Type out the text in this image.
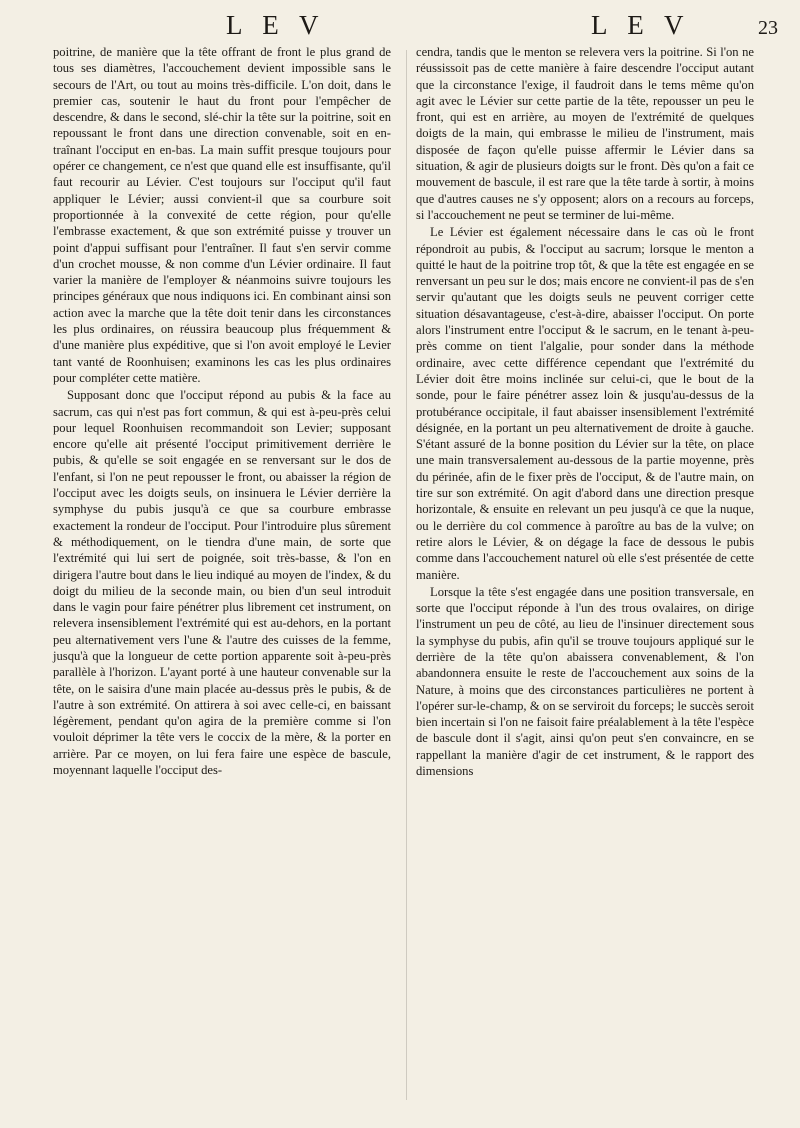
L E V	L E V	23

poitrine, de manière que la tête offrant de front le plus grand de tous ses diamètres, l'accouchement devient impossible sans le secours de l'Art, ou tout au moins très-difficile. L'on doit, dans le premier cas, soutenir le haut du front pour l'empêcher de descendre, & dans le second, slé-chir la tête sur la poitrine, soit en repoussant le front dans une direction convenable, soit en en-traînant l'occiput en en-bas. La main suffit presque toujours pour opérer ce changement, ce n'est que quand elle est insuffisante, qu'il faut recourir au Lévier. C'est toujours sur l'occiput qu'il faut appliquer le Lévier; aussi convient-il que sa courbure soit proportionnée à la convexité de cette région, pour qu'elle l'embrasse exactement, & que son extrémité puisse y trouver un point d'appui suffisant pour l'entraîner. Il faut s'en servir comme d'un crochet mousse, & non comme d'un Lévier ordinaire. Il faut varier la manière de l'employer & néanmoins suivre toujours les principes généraux que nous indiquons ici. En combinant ainsi son action avec la marche que la tête doit tenir dans les circonstances les plus ordinaires, on réussira beaucoup plus fréquemment & d'une manière plus expéditive, que si l'on avoit employé le Levier tant vanté de Roonhuisen; examinons les cas les plus ordinaires pour compléter cette matière.

Supposant donc que l'occiput répond au pubis & la face au sacrum, cas qui n'est pas fort commun, & qui est à-peu-près celui pour lequel Roonhuisen recommandoit son Levier; supposant encore qu'elle ait présenté l'occiput primitivement derrière le pubis, & qu'elle se soit engagée en se renversant sur le dos de l'enfant, si l'on ne peut repousser le front, ou abaisser la région de l'occiput avec les doigts seuls, on insinuera le Lévier derrière la symphyse du pubis jusqu'à ce que sa courbure embrasse exactement la rondeur de l'occiput. Pour l'introduire plus sûrement & méthodiquement, on le tiendra d'une main, de sorte que l'extrémité qui lui sert de poignée, soit très-basse, & l'on en dirigera l'autre bout dans le lieu indiqué au moyen de l'index, & du doigt du milieu de la seconde main, ou bien d'un seul introduit dans le vagin pour faire pénétrer plus librement cet instrument, on relevera insensiblement l'extrémité qui est au-dehors, en la portant peu alternativement vers l'une & l'autre des cuisses de la femme, jusqu'à que la longueur de cette portion apparente soit à-peu-près parallèle à l'horizon. L'ayant porté à une hauteur convenable sur la tête, on le saisira d'une main placée au-dessus près le pubis, & de l'autre à son extrémité. On attirera à soi avec celle-ci, en baissant légèrement, pendant qu'on agira de la première comme si l'on vouloit déprimer la tête vers le coccix de la mère, & la porter en arrière. Par ce moyen, on lui fera faire une espèce de bascule, moyennant laquelle l'occiput des-

cendra, tandis que le menton se relevera vers la poitrine. Si l'on ne réussissoit pas de cette manière à faire descendre l'occiput autant que la circonstance l'exige, il faudroit dans le tems même qu'on agit avec le Lévier sur cette partie de la tête, repousser un peu le front, qui est en arrière, au moyen de l'extrémité de quelques doigts de la main, qui embrasse le milieu de l'instrument, mais disposée de façon qu'elle puisse affermir le Lévier dans sa situation, & agir de plusieurs doigts sur le front. Dès qu'on a fait ce mouvement de bascule, il est rare que la tête tarde à sortir, à moins que d'autres causes ne s'y opposent; alors on a recours au forceps, si l'accouchement ne peut se terminer de lui-même.

Le Lévier est également nécessaire dans le cas où le front répondroit au pubis, & l'occiput au sacrum; lorsque le menton a quitté le haut de la poitrine trop tôt, & que la tête est engagée en se renversant un peu sur le dos; mais encore ne convient-il pas de s'en servir qu'autant que les doigts seuls ne peuvent corriger cette situation désavantageuse, c'est-à-dire, abaisser l'occiput. On porte alors l'instrument entre l'occiput & le sacrum, en le tenant à-peu-près comme on tient l'algalie, pour sonder dans la méthode ordinaire, avec cette différence cependant que l'extrémité du Lévier doit être moins inclinée sur celui-ci, que le bout de la sonde, pour le faire pénétrer assez loin & jusqu'au-dessus de la protubérance occipitale, il faut abaisser insensiblement l'extrémité désignée, en la portant un peu alternativement de droite à gauche. S'étant assuré de la bonne position du Lévier sur la tête, on place une main transversalement au-dessous de la partie moyenne, près du périnée, afin de le fixer près de l'occiput, & de l'autre main, on tire sur son extrémité. On agit d'abord dans une direction presque horizontale, & ensuite en relevant un peu jusqu'à ce que la nuque, ou le derrière du col commence à paroître au bas de la vulve; on retire alors le Lévier, & on dégage la face de dessous le pubis comme dans l'accouchement naturel où elle s'est présentée de cette manière.

Lorsque la tête s'est engagée dans une position transversale, en sorte que l'occiput réponde à l'un des trous ovalaires, on dirige l'instrument un peu de côté, au lieu de l'insinuer directement sous la symphyse du pubis, afin qu'il se trouve toujours appliqué sur le derrière de la tête qu'on abaissera convenablement, & l'on abandonnera ensuite le reste de l'accouchement aux soins de la Nature, à moins que des circonstances particulières ne portent à l'opérer sur-le-champ, & on se serviroit du forceps; le succès seroit bien incertain si l'on ne faisoit faire préalablement à la tête l'espèce de bascule dont il s'agit, ainsi qu'on peut s'en convaincre, en se rappellant la manière d'agir de cet instrument, & le rapport des dimensions
